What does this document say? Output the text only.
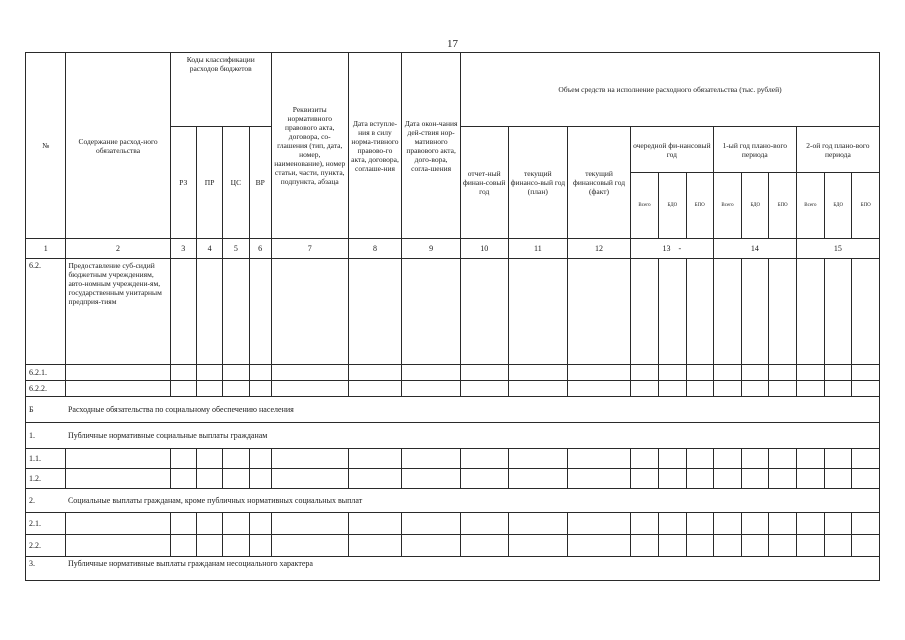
17
№	Содержание расход-ного обязательства	Коды классификации расходов бюджетов				Реквизиты нормативного правового акта, договора, со-глашения (тип, дата, номер, наименование), номер статьи, части, пункта, подпункта, абзаца	Дата вступле-ния в силу норма-тивного правово-го акта, договора, соглаше-ния	Дата окон-чания дей-ствия нор-мативного правового акта, дого-вора, согла-шения	Объем средств на исполнение расходного обязательства (тыс. рублей)											

		РЗ	ПР	ЦС	ВР				отчет-ный финан-совый год	текущий финансо-вый год (план)	текущий финансовый год (факт)	очередной фи-нансовый год			1-ый год плано-вого периода			2-ой год плано-вого периода		
												Всего	БДО	БПО	Всего	БДО	БПО	Всего	БДО	БПО
1	2	3	4	5	6	7	8	9	10	11	12	13 -			14			15		
6.2.	Предоставление суб-сидий бюджетным учреждениям, авто-номным учреждени-ям, государственным унитарным предприя-тиям																			
6.2.1.																				
6.2.2.																				
Б	Расходные обязательства по социальному обеспечению населения																			
1.	Публичные нормативные социальные выплаты гражданам																			
1.1.																				
1.2.																				
2.	Социальные выплаты гражданам, кроме публичных нормативных социальных выплат																			
2.1.																				
2.2.																				
3.	Публичные нормативные выплаты гражданам несоциального характера																			
